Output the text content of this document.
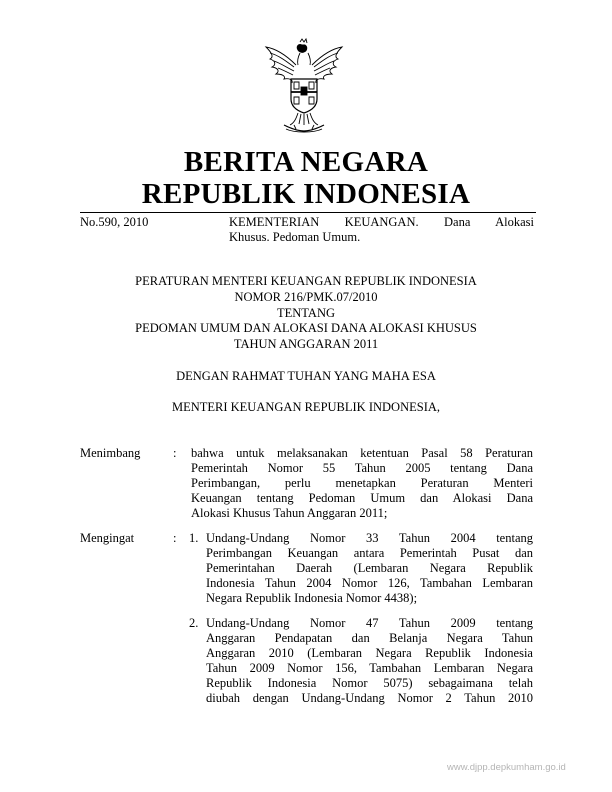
BERITA NEGARA
REPUBLIK INDONESIA
No.590, 2010	KEMENTERIAN KEUANGAN. Dana Alokasi
Khusus. Pedoman Umum.
PERATURAN MENTERI KEUANGAN REPUBLIK INDONESIA
NOMOR 216/PMK.07/2010
TENTANG
PEDOMAN UMUM DAN ALOKASI DANA ALOKASI KHUSUS
TAHUN ANGGARAN 2011
DENGAN RAHMAT TUHAN YANG MAHA ESA
MENTERI KEUANGAN REPUBLIK INDONESIA,
Menimbang	: bahwa untuk melaksanakan ketentuan Pasal 58 Peraturan
Pemerintah Nomor 55 Tahun 2005 tentang Dana
Perimbangan, perlu menetapkan Peraturan Menteri
Keuangan tentang Pedoman Umum dan Alokasi Dana
Alokasi Khusus Tahun Anggaran 2011;
Mengingat	: 1. Undang-Undang Nomor 33 Tahun 2004 tentang
Perimbangan Keuangan antara Pemerintah Pusat dan
Pemerintahan Daerah (Lembaran Negara Republik
Indonesia Tahun 2004 Nomor 126, Tambahan Lembaran
Negara Republik Indonesia Nomor 4438);
2. Undang-Undang Nomor 47 Tahun 2009 tentang
Anggaran Pendapatan dan Belanja Negara Tahun
Anggaran 2010 (Lembaran Negara Republik Indonesia
Tahun 2009 Nomor 156, Tambahan Lembaran Negara
Republik Indonesia Nomor 5075) sebagaimana telah
diubah dengan Undang-Undang Nomor 2 Tahun 2010
www.djpp.depkumham.go.id
